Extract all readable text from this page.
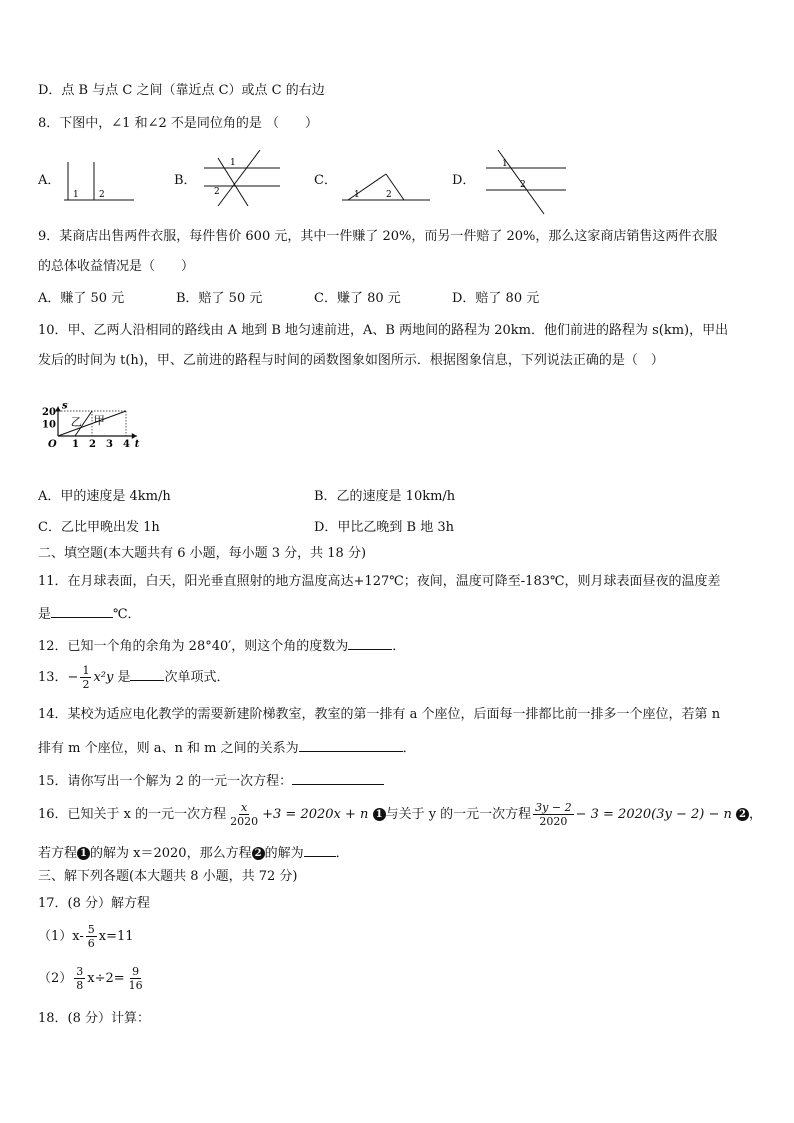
D．点 B 与点 C 之间（靠近点 C）或点 C 的右边
8．下图中，∠1 和∠2 不是同位角的是 （　　）
A．
1 2
B．
1
2
C．
1	2
D．
1
2
9．某商店出售两件衣服，每件售价 600 元，其中一件赚了 20%，而另一件赔了 20%，那么这家商店销售这两件衣服
的总体收益情况是（　　）
A．赚了 50 元	B．赔了 50 元	C．赚了 80 元	D．赔了 80 元
10．甲、乙两人沿相同的路线由 A 地到 B 地匀速前进，A、B 两地间的路程为 20km．他们前进的路程为 s(km)，甲出
发后的时间为 t(h)，甲、乙前进的路程与时间的函数图象如图所示．根据图象信息，下列说法正确的是（　）
t
s
O 1 2 3 4
10
20
甲
乙
A．甲的速度是 4km/h	B．乙的速度是 10km/h
C．乙比甲晚出发 1h	D．甲比乙晚到 B 地 3h
二、填空题(本大题共有 6 小题，每小题 3 分，共 18 分)
11．在月球表面，白天，阳光垂直照射的地方温度高达+127℃；夜间，温度可降至-183℃，则月球表面昼夜的温度差
是	℃．
12．已知一个角的余角为 28°40′，则这个角的度数为	．
13．− $\frac{1}{2} x^2y$ 是	次单项式．
14．某校为适应电化教学的需要新建阶梯教室，教室的第一排有 a 个座位，后面每一排都比前一排多一个座位，若第 n
排有 m 个座位，则 a、n 和 m 之间的关系为	．
15．请你写出一个解为 2 的一元一次方程：
16．已知关于 x 的一元一次方程 $\frac{x}{2020} +3 = 2020x + n$ 1 与关于 y 的一元一次方程 $\frac{3y - 2}{2020} - 3 = 2020(3y - 2) - n$ 2 ，
若方程 1 的解为 x＝2020，那么方程 2 的解为 ．
三、解下列各题(本大题共 8 小题，共 72 分)
17．(8 分）解方程
$(1)x- \frac{5}{6} x=11$
$(2) \frac{3}{8} x\div 2= \frac{9}{16}$
18．(8 分）计算：
